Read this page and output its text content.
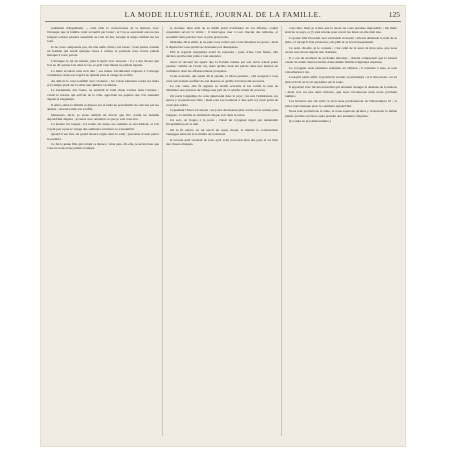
LA MODE ILLUSTRÉE, JOURNAL DE LA FAMILLE.	125

sentiment d'inquiétude, ... telle était la conversation de la maison, avec l'étranger que la famille avait accueilli par bonté ; et l'on se souvenait encore des longues soirées passées ensemble au coin du feu, lorsque la neige tombait sur les toits.

Je ne vous comprends pas, dit-elle enfin d'une voix basse ; vous parlez comme un homme qui aurait quelque chose à cacher, et pourtant vous n'avez jamais manqué à votre parole.

L'étranger se tut un instant, puis il reprit avec douceur : il y a des choses que l'on ne dit qu'une fois dans la vie, et qu'il vaut mieux ne jamais répéter.

La mère écoutait sans rien dire ; ses mains travaillaient toujours à l'ouvrage commencé, mais son regard ne quittait plus le visage de sa fille.

Au dehors le vent soufflait avec violence ; les volets battaient contre les murs et la lampe jetait sur la table une lumière vacillante.

Le lendemain, dès l'aube, on entendit le bruit d'une voiture dans l'avenue ; c'était le notaire qui arrivait de la ville, apportant les papiers que l'on attendait depuis si longtemps.

Il entra, salua la famille et déposa sur la table un portefeuille de cuir usé par les années ; chacun retint son souffle.

Messieurs, dit-il, je viens remplir un devoir que m'a confié un homme aujourd'hui disparu ; écoutez avec attention ce que je vais vous lire.

La lecture fut longue ; les noms, les dates, les sommes se succédaient, et l'on voyait peu à peu le visage des auditeurs s'éclairer ou s'assombrir.

Quand il eut fini, un grand silence régna dans la salle ; personne n'osait parler le premier.

Ce fut la jeune fille qui rompit ce silence : mon père, dit-elle, je savais bien que vous ne nous aviez jamais trompés.

le docteur, bien qu'il ne se mêlât point d'ordinaire de ces affaires, voulut cependant savoir la vérité ; il interrogea tour à tour chacun des témoins, et recueillit leurs paroles avec le plus grand soin.

Madame, dit-il enfin, je ne puis vous cacher que votre situation est grave ; mais il dépend de vous qu'elle ne devienne pas désespérée.

Elle le regarda longtemps avant de répondre ; puis, d'une voix ferme, elle déclara qu'elle était prête à tout entendre.

Alors le docteur lui apprit que la fortune laissée par son oncle n'était point perdue, comme on l'avait cru, mais qu'elle avait été placée dans une maison de commerce dont les affaires étaient prospères.

Cette nouvelle, qui aurait dû la réjouir, la laissa pensive ; elle songeait à tous ceux qui avaient souffert de son absence et qu'elle n'avait point secourus.

Le soir venu, elle fit appeler sa vieille servante et lui confia le soin de distribuer aux pauvres du village une part de ce qu'elle venait de recevoir.

On parla longtemps de cette générosité dans le pays ; les uns l'admiraient, les autres y voyaient une folie ; mais tous s'accordaient à dire qu'il n'y avait point de cœur plus noble.

Cependant l'hiver s'avançait ; les jours devenaient plus courts et les soirées plus longues ; la famille se réunissait chaque soir dans le salon.

Un soir, on frappa à la porte ; c'était un voyageur égaré qui demandait l'hospitalité pour la nuit.

On le fit entrer, on lui servit un repas chaud, et bientôt la conversation s'engagea entre lui et le maître de la maison.

Il raconta qu'il revenait de loin, qu'il avait parcouru bien des pays et vu bien des choses étranges.

vous dire, mais je crains que la chose ne vous paraisse impossible ; ma mère était de ce pays, et j'y suis revenu pour revoir les lieux où elle était née.

La jeune fille l'écoutait avec un intérêt croissant ; elle lui demanda le nom de sa mère, et lorsqu'il l'eut prononcé, elle pâlit et se leva brusquement.

Ce nom, dit-elle, je le connais ; c'est celui de la sœur de mon père, que nous avons crue morte depuis tant d'années.

Il y eut un moment de profonde émotion ; chacun comprenait que le hasard venait de réunir deux branches d'une même famille longtemps séparées.

Le voyageur resta plusieurs semaines au château ; il s'attacha à tous, et tous s'attachèrent à lui.

Lorsqu'il partit enfin, il promit de revenir au printemps ; et il tint parole, car au mois d'avril on le vit reparaître sur la route.

Il apportait avec lui des nouvelles qui devaient changer la destinée de la maison ; mais ceci est une autre histoire, que nous raconterons dans notre prochain numéro.

Les lectrices qui ont suivi ce récit nous pardonneront de l'interrompre ici ; la place nous manque pour le continuer aujourd'hui.

Nous leur promettons la suite, et nous espérons qu'elles y trouveront le même plaisir qu'elles ont bien voulu prendre aux premiers chapitres.

(La suite au prochain numéro.)
